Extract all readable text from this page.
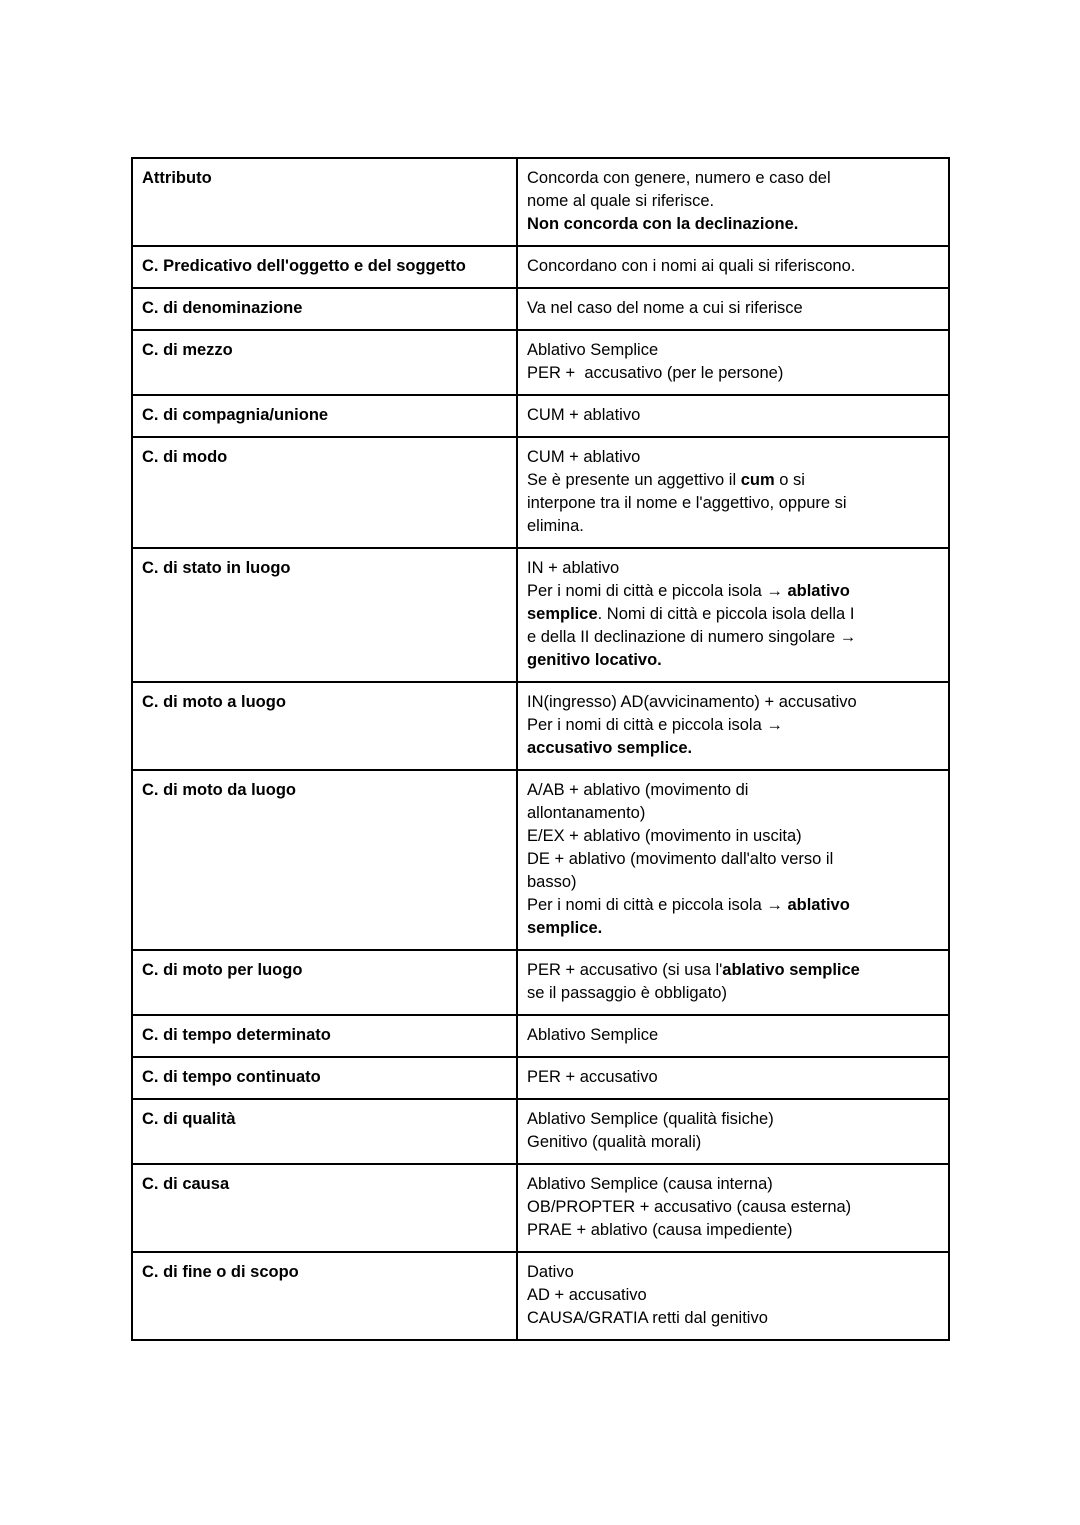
Attributo	Concorda con genere, numero e caso del
nome al quale si riferisce.
Non concorda con la declinazione.

C. Predicativo dell'oggetto e del soggetto	Concordano con i nomi ai quali si riferiscono.

C. di denominazione	Va nel caso del nome a cui si riferisce

C. di mezzo	Ablativo Semplice
PER +  accusativo (per le persone)

C. di compagnia/unione	CUM + ablativo

C. di modo	CUM + ablativo
Se è presente un aggettivo il cum o si
interpone tra il nome e l'aggettivo, oppure si
elimina.

C. di stato in luogo	IN + ablativo
Per i nomi di città e piccola isola → ablativo
semplice. Nomi di città e piccola isola della I
e della II declinazione di numero singolare →
genitivo locativo.

C. di moto a luogo	IN(ingresso) AD(avvicinamento) + accusativo
Per i nomi di città e piccola isola →
accusativo semplice.

C. di moto da luogo	A/AB + ablativo (movimento di
allontanamento)
E/EX + ablativo (movimento in uscita)
DE + ablativo (movimento dall'alto verso il
basso)
Per i nomi di città e piccola isola → ablativo
semplice.

C. di moto per luogo	PER + accusativo (si usa l'ablativo semplice
se il passaggio è obbligato)

C. di tempo determinato	Ablativo Semplice

C. di tempo continuato	PER + accusativo

C. di qualità	Ablativo Semplice (qualità fisiche)
Genitivo (qualità morali)

C. di causa	Ablativo Semplice (causa interna)
OB/PROPTER + accusativo (causa esterna)
PRAE + ablativo (causa impediente)

C. di fine o di scopo	Dativo
AD + accusativo
CAUSA/GRATIA retti dal genitivo
